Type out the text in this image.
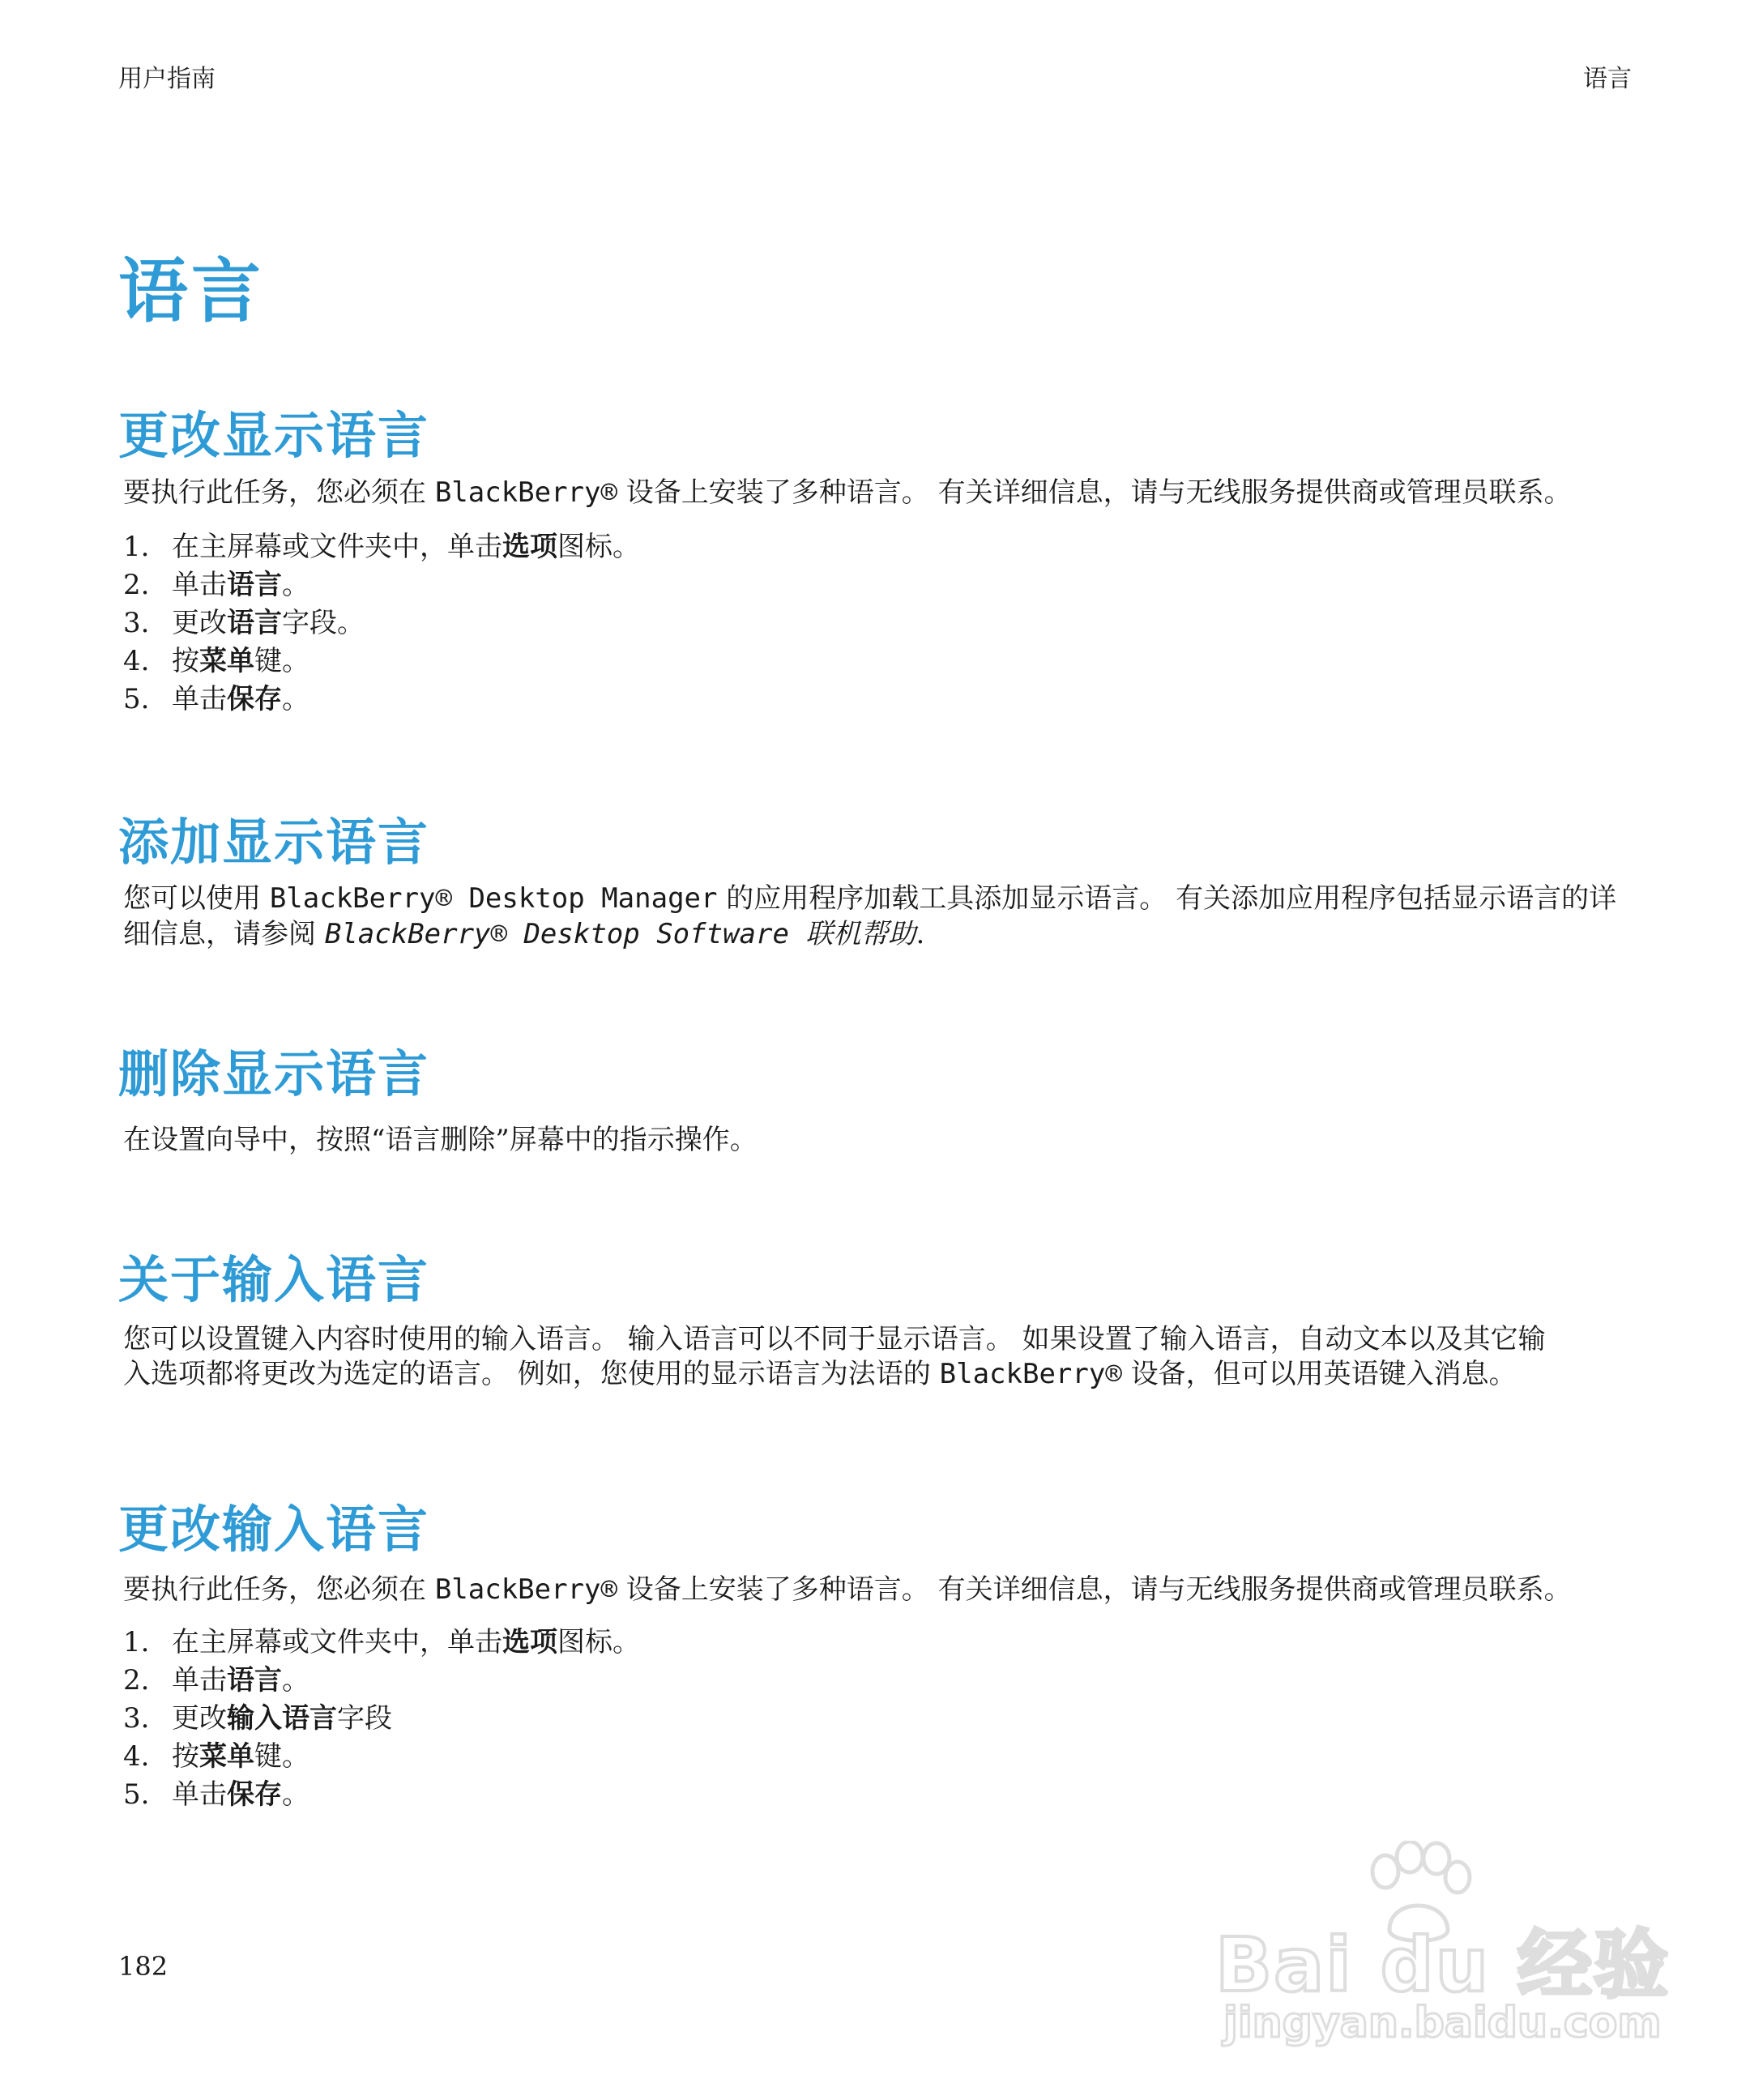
用户指南	语言
语言
更改显示语言
要执行此任务，您必须在 BlackBerry® 设备上安装了多种语言。 有关详细信息，请与无线服务提供商或管理员联系。
1. 在主屏幕或文件夹中，单击 选项 图标。
2. 单击 语言 。
3. 更改 语言 字段。
4. 按 菜单 键。
5. 单击 保存 。
添加显示语言
您可以使用 BlackBerry® Desktop Manager 的应用程序加载工具添加显示语言。 有关添加应用程序包括显示语言的详
细信息，请参阅 BlackBerry® Desktop Software 联机帮助.
删除显示语言
在设置向导中，按照“语言删除”屏幕中的指示操作。
关于输入语言
您可以设置键入内容时使用的输入语言。 输入语言可以不同于显示语言。 如果设置了输入语言，自动文本以及其它输
入选项都将更改为选定的语言。 例如，您使用的显示语言为法语的 BlackBerry® 设备，但可以用英语键入消息。
更改输入语言
要执行此任务，您必须在 BlackBerry® 设备上安装了多种语言。 有关详细信息，请与无线服务提供商或管理员联系。
1. 在主屏幕或文件夹中，单击 选项 图标。
2. 单击 语言 。
3. 更改 输入语言 字段
4. 按 菜单 键。
5. 单击 保存 。
182	Bai du 经验
jingyan.baidu.com
